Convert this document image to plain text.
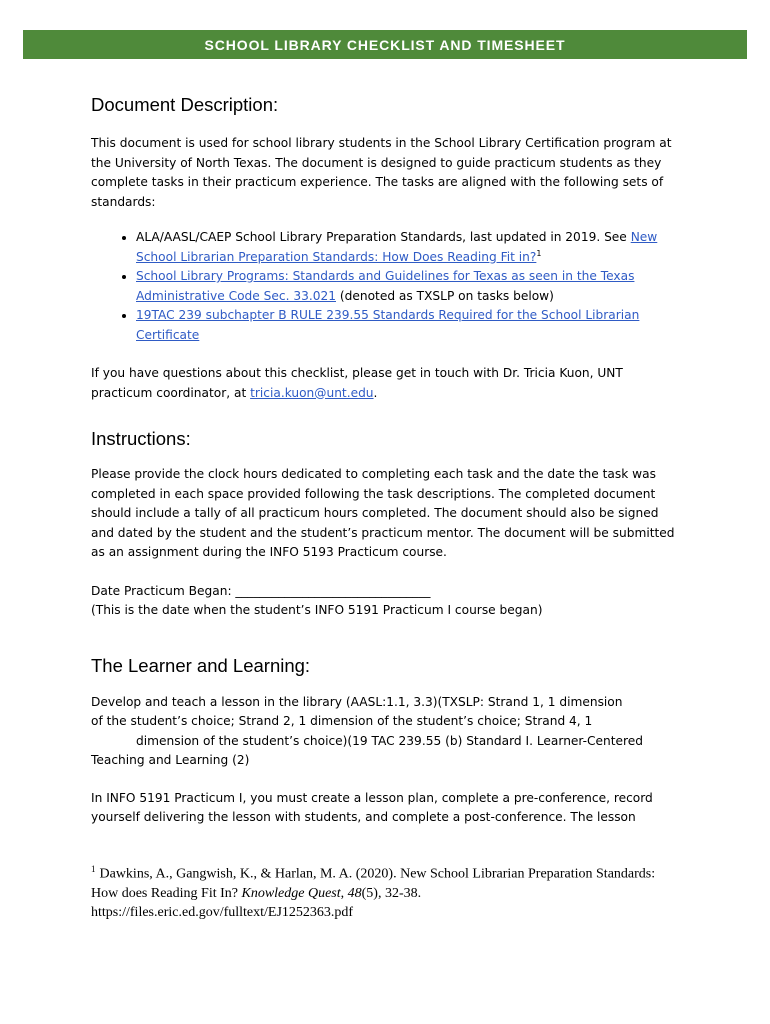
SCHOOL LIBRARY CHECKLIST AND TIMESHEET
Document Description:

This document is used for school library students in the School Library Certification program at the University of North Texas. The document is designed to guide practicum students as they complete tasks in their practicum experience. The tasks are aligned with the following sets of standards:

• ALA/AASL/CAEP School Library Preparation Standards, last updated in 2019. See New School Librarian Preparation Standards: How Does Reading Fit in?$^1$
• School Library Programs: Standards and Guidelines for Texas as seen in the Texas Administrative Code Sec. 33.021 (denoted as TXSLP on tasks below)
• 19TAC 239 subchapter B RULE 239.55 Standards Required for the School Librarian Certificate

If you have questions about this checklist, please get in touch with Dr. Tricia Kuon, UNT practicum coordinator, at tricia.kuon@unt.edu.

Instructions:

Please provide the clock hours dedicated to completing each task and the date the task was completed in each space provided following the task descriptions. The completed document should include a tally of all practicum hours completed. The document should also be signed and dated by the student and the student’s practicum mentor. The document will be submitted as an assignment during the INFO 5193 Practicum course.

Date Practicum Began: ________________________________

(This is the date when the student’s INFO 5191 Practicum I course began)

The Learner and Learning:

Develop and teach a lesson in the library (AASL:1.1, 3.3)(TXSLP: Strand 1, 1 dimension
of the student’s choice; Strand 2, 1 dimension of the student’s choice; Strand 4, 1
dimension of the student’s choice)(19 TAC 239.55 (b) Standard I. Learner-Centered
Teaching and Learning (2)

In INFO 5191 Practicum I, you must create a lesson plan, complete a pre-conference, record yourself delivering the lesson with students, and complete a post-conference. The lesson

$^1$ Dawkins, A., Gangwish, K., & Harlan, M. A. (2020). New School Librarian Preparation Standards: How does Reading Fit In? Knowledge Quest, 48(5), 32-38.
https://files.eric.ed.gov/fulltext/EJ1252363.pdf
